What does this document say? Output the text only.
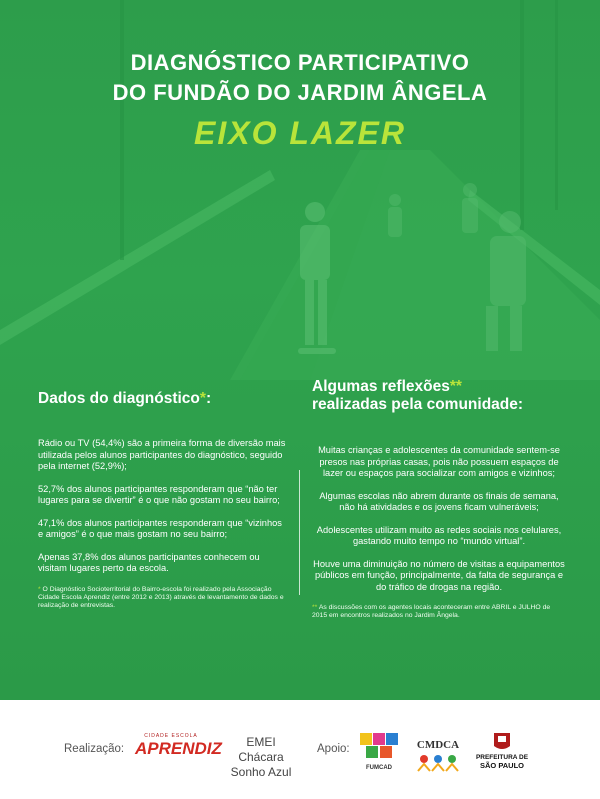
DIAGNÓSTICO PARTICIPATIVO
DO FUNDÃO DO JARDIM ÂNGELA
EIXO LAZER
Dados do diagnóstico*:

Rádio ou TV (54,4%) são a primeira forma de diversão mais utilizada pelos alunos participantes do diagnóstico, seguido pela internet (52,9%);

52,7% dos alunos participantes responderam que “não ter lugares para se divertir” é o que não gostam no seu bairro;

47,1% dos alunos participantes responderam que “vizinhos e amigos” é o que mais gostam no seu bairro;

Apenas 37,8% dos alunos participantes conhecem ou visitam lugares perto da escola.

* O Diagnóstico Socioterritorial do Bairro-escola foi realizado pela Associação Cidade Escola Aprendiz (entre 2012 e 2013) através de levantamento de dados e realização de entrevistas.
Algumas reflexões**
realizadas pela comunidade:

Muitas crianças e adolescentes da comunidade sentem-se presos nas próprias casas, pois não possuem espaços de lazer ou espaços para socializar com amigos e vizinhos;

Algumas escolas não abrem durante os finais de semana, não há atividades e os jovens ficam vulneráveis;

Adolescentes utilizam muito as redes sociais nos celulares, gastando muito tempo no “mundo virtual”.

Houve uma diminuição no número de visitas a equipamentos públicos em função, principalmente, da falta de segurança e do tráfico de drogas na região.

** As discussões com os agentes locais aconteceram entre ABRIL e JULHO de 2015 em encontros realizados no Jardim Ângela.
Realização:
CIDADE ESCOLA
APRENDIZ	EMEI Chácara
Sonho Azul
Apoio:
FUMCAD
CMDCA
PREFEITURA DE
SÃO PAULO
